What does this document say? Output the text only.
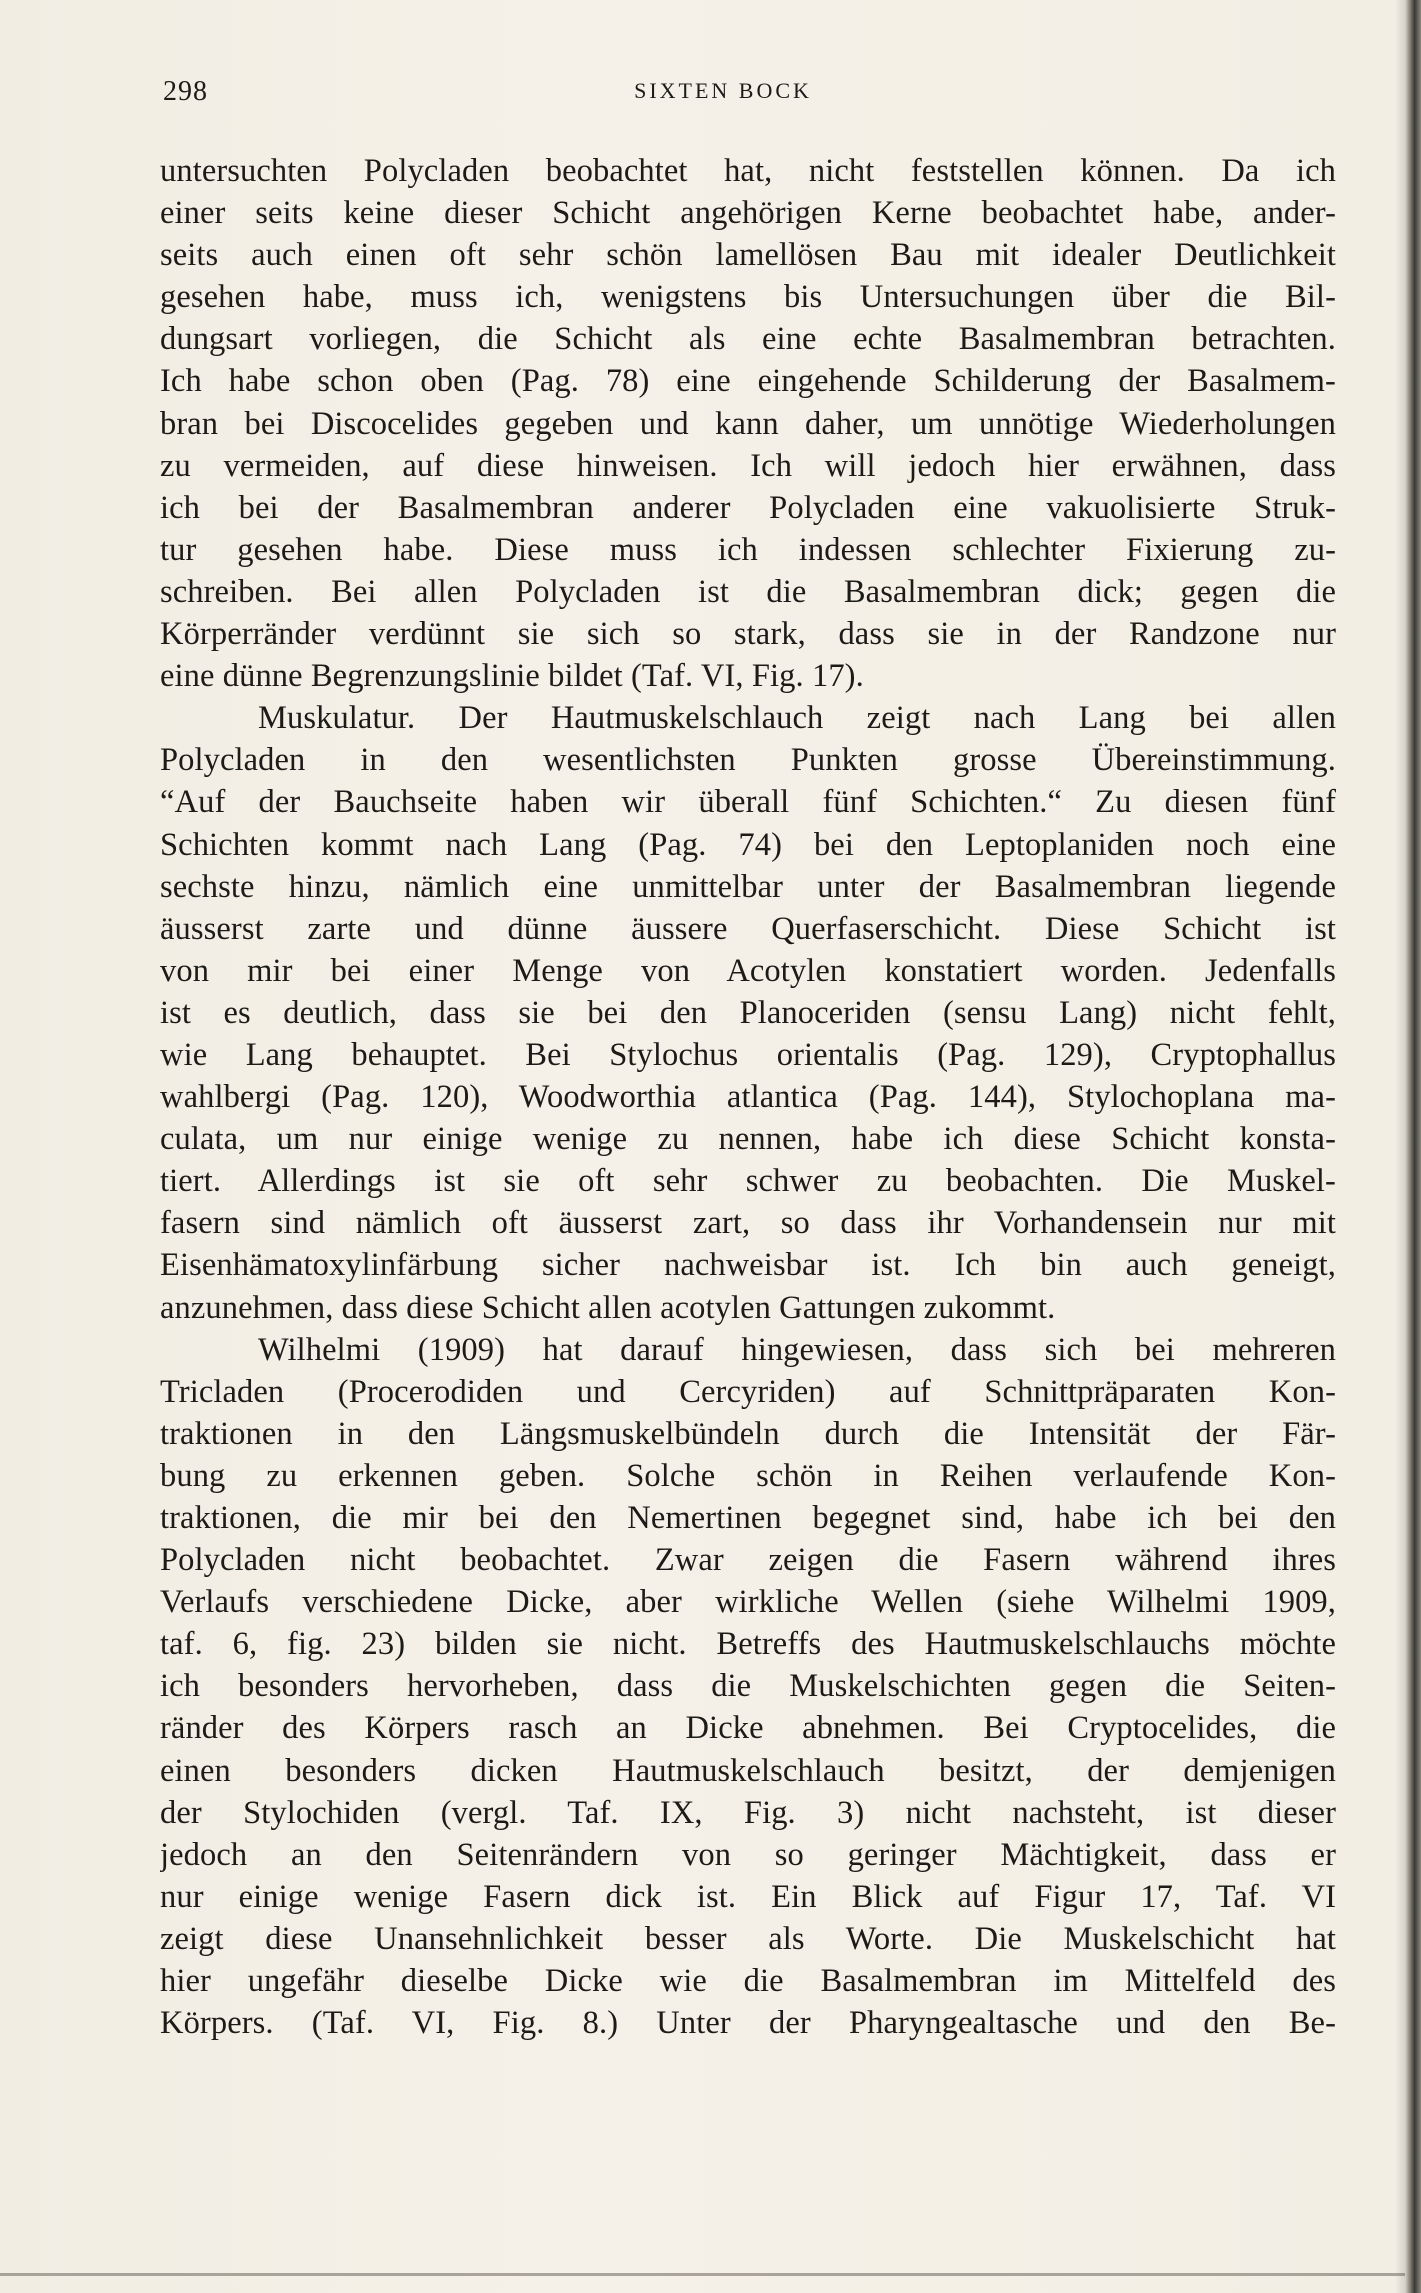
298	SIXTEN BOCK
untersuchten Polycladen beobachtet hat, nicht feststellen können. Da ich
einer seits keine dieser Schicht angehörigen Kerne beobachtet habe, ander-
seits auch einen oft sehr schön lamellösen Bau mit idealer Deutlichkeit
gesehen habe, muss ich, wenigstens bis Untersuchungen über die Bil-
dungsart vorliegen, die Schicht als eine echte Basalmembran betrachten.
Ich habe schon oben (Pag. 78) eine eingehende Schilderung der Basalmem-
bran bei Discocelides gegeben und kann daher, um unnötige Wiederholungen
zu vermeiden, auf diese hinweisen. Ich will jedoch hier erwähnen, dass
ich bei der Basalmembran anderer Polycladen eine vakuolisierte Struk-
tur gesehen habe. Diese muss ich indessen schlechter Fixierung zu-
schreiben. Bei allen Polycladen ist die Basalmembran dick; gegen die
Körperränder verdünnt sie sich so stark, dass sie in der Randzone nur
eine dünne Begrenzungslinie bildet (Taf. VI, Fig. 17).
Muskulatur. Der Hautmuskelschlauch zeigt nach Lang bei allen
Polycladen in den wesentlichsten Punkten grosse Übereinstimmung.
“Auf der Bauchseite haben wir überall fünf Schichten.“ Zu diesen fünf
Schichten kommt nach Lang (Pag. 74) bei den Leptoplaniden noch eine
sechste hinzu, nämlich eine unmittelbar unter der Basalmembran liegende
äusserst zarte und dünne äussere Querfaserschicht. Diese Schicht ist
von mir bei einer Menge von Acotylen konstatiert worden. Jedenfalls
ist es deutlich, dass sie bei den Planoceriden (sensu Lang) nicht fehlt,
wie Lang behauptet. Bei Stylochus orientalis (Pag. 129), Cryptophallus
wahlbergi (Pag. 120), Woodworthia atlantica (Pag. 144), Stylochoplana ma-
culata, um nur einige wenige zu nennen, habe ich diese Schicht konsta-
tiert. Allerdings ist sie oft sehr schwer zu beobachten. Die Muskel-
fasern sind nämlich oft äusserst zart, so dass ihr Vorhandensein nur mit
Eisenhämatoxylinfärbung sicher nachweisbar ist. Ich bin auch geneigt,
anzunehmen, dass diese Schicht allen acotylen Gattungen zukommt.
Wilhelmi (1909) hat darauf hingewiesen, dass sich bei mehreren
Tricladen (Procerodiden und Cercyriden) auf Schnittpräparaten Kon-
traktionen in den Längsmuskelbündeln durch die Intensität der Fär-
bung zu erkennen geben. Solche schön in Reihen verlaufende Kon-
traktionen, die mir bei den Nemertinen begegnet sind, habe ich bei den
Polycladen nicht beobachtet. Zwar zeigen die Fasern während ihres
Verlaufs verschiedene Dicke, aber wirkliche Wellen (siehe Wilhelmi 1909,
taf. 6, fig. 23) bilden sie nicht. Betreffs des Hautmuskelschlauchs möchte
ich besonders hervorheben, dass die Muskelschichten gegen die Seiten-
ränder des Körpers rasch an Dicke abnehmen. Bei Cryptocelides, die
einen besonders dicken Hautmuskelschlauch besitzt, der demjenigen
der Stylochiden (vergl. Taf. IX, Fig. 3) nicht nachsteht, ist dieser
jedoch an den Seitenrändern von so geringer Mächtigkeit, dass er
nur einige wenige Fasern dick ist. Ein Blick auf Figur 17, Taf. VI
zeigt diese Unansehnlichkeit besser als Worte. Die Muskelschicht hat
hier ungefähr dieselbe Dicke wie die Basalmembran im Mittelfeld des
Körpers. (Taf. VI, Fig. 8.) Unter der Pharyngealtasche und den Be-
